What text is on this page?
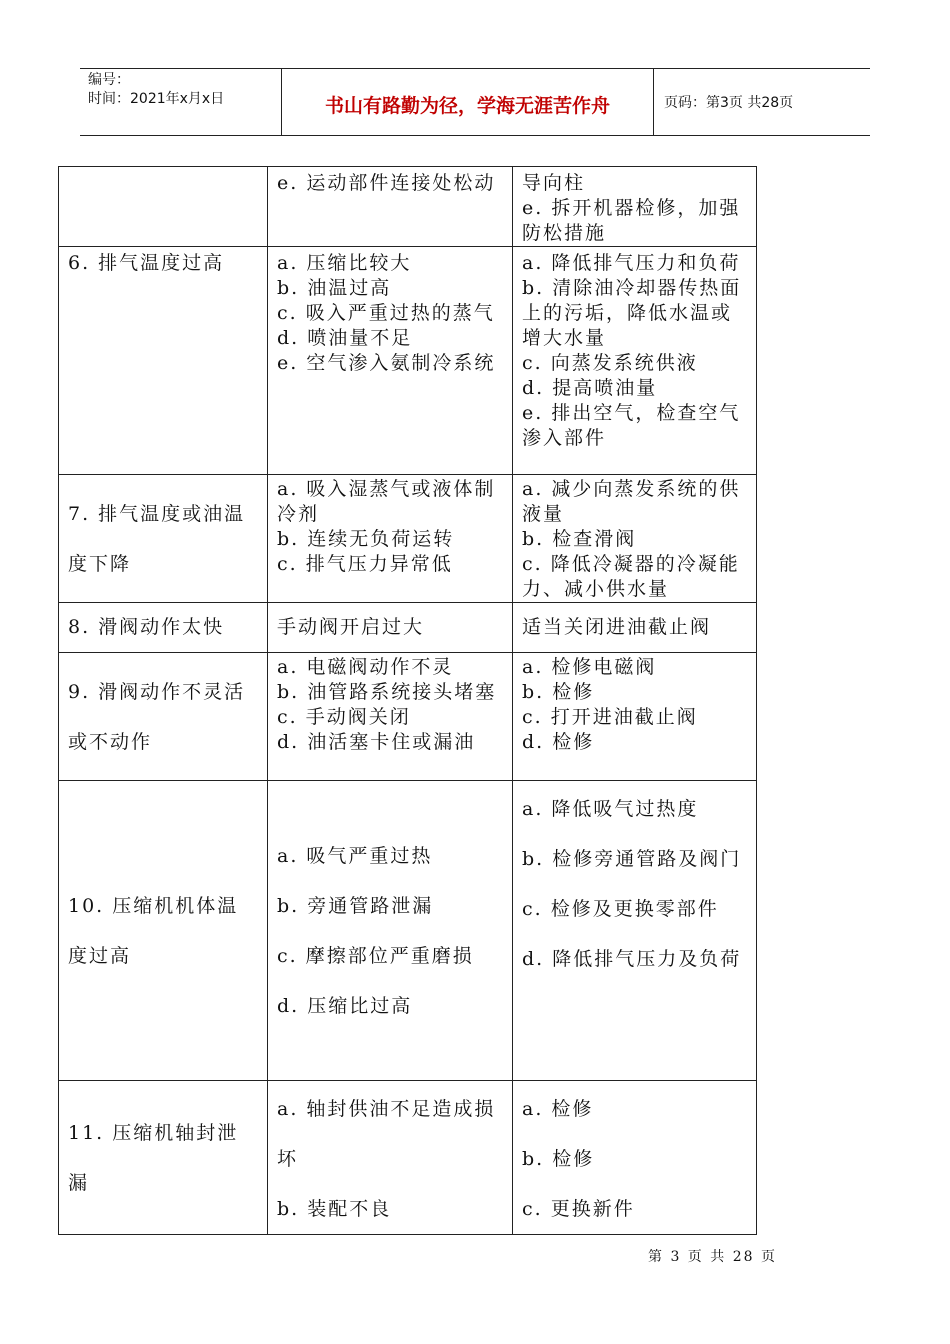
编号：
时间：2021年x月x日	书山有路勤为径，学海无涯苦作舟	页码：第3页 共28页

	e. 运动部件连接处松动	导向柱
e. 拆开机器检修，加强防松措施

6. 排气温度过高	a. 压缩比较大
b. 油温过高
c. 吸入严重过热的蒸气
d. 喷油量不足
e. 空气渗入氨制冷系统	a. 降低排气压力和负荷
b. 清除油冷却器传热面上的污垢，降低水温或增大水量
c. 向蒸发系统供液
d. 提高喷油量
e. 排出空气，检查空气渗入部件

7. 排气温度或油温度下降	a. 吸入湿蒸气或液体制冷剂
b. 连续无负荷运转
c. 排气压力异常低	a. 减少向蒸发系统的供液量
b. 检查滑阀
c. 降低冷凝器的冷凝能力、减小供水量

8. 滑阀动作太快	手动阀开启过大	适当关闭进油截止阀

9. 滑阀动作不灵活或不动作	a. 电磁阀动作不灵
b. 油管路系统接头堵塞
c. 手动阀关闭
d. 油活塞卡住或漏油	a. 检修电磁阀
b. 检修
c. 打开进油截止阀
d. 检修

10. 压缩机机体温度过高	a. 吸气严重过热
b. 旁通管路泄漏
c. 摩擦部位严重磨损
d. 压缩比过高	a. 降低吸气过热度
b. 检修旁通管路及阀门
c. 检修及更换零部件
d. 降低排气压力及负荷

11. 压缩机轴封泄漏	a. 轴封供油不足造成损坏
b. 装配不良	a. 检修
b. 检修
c. 更换新件
第 3 页 共 28 页
